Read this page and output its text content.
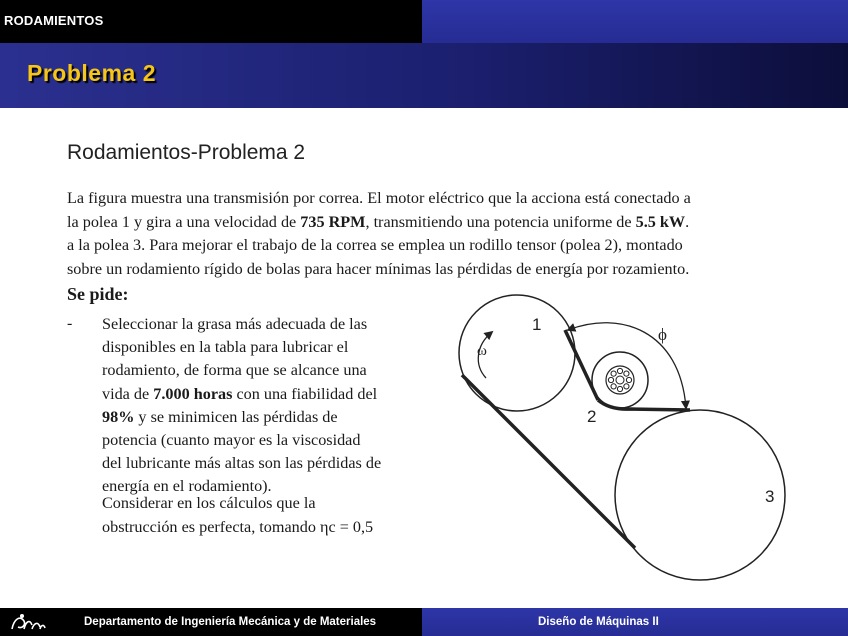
RODAMIENTOS
Problema 2
Rodamientos-Problema 2

La figura muestra una transmisión por correa. El motor eléctrico que la acciona está conectado a

la polea 1 y gira a una velocidad de 735 RPM, transmitiendo una potencia uniforme de 5.5 kW.

a la polea 3. Para mejorar el trabajo de la correa se emplea un rodillo tensor (polea 2), montado

sobre un rodamiento rígido de bolas para hacer mínimas las pérdidas de energía por rozamiento.

Se pide:
- Seleccionar la grasa más adecuada de las

disponibles en la tabla para lubricar el

rodamiento, de forma que se alcance una

vida de 7.000 horas con una fiabilidad del

98% y se minimicen las pérdidas de

potencia (cuanto mayor es la viscosidad

del lubricante más altas son las pérdidas de

energía en el rodamiento).

Considerar en los cálculos que la

obstrucción es perfecta, tomando ηc = 0,5

1
2
3
ω
ϕ
Departamento de Ingeniería Mecánica y de Materiales	Diseño de Máquinas II
